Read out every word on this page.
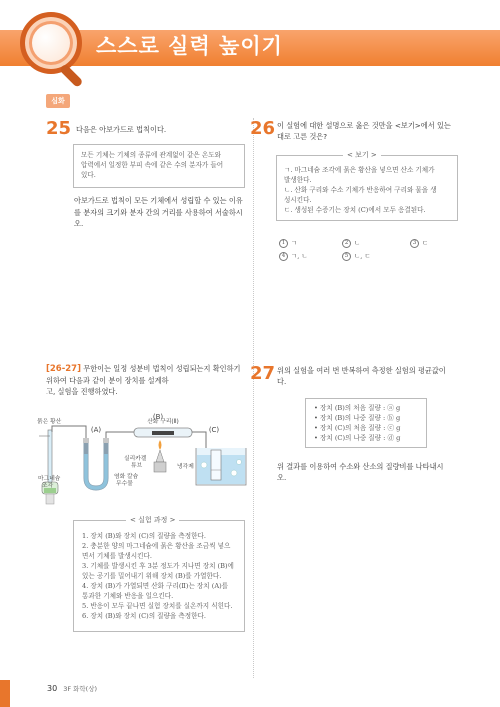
스스로 실력 높이기
심화
25 다음은 아보가드로 법칙이다.
모든 기체는 기체의 종류에 관계없이 같은 온도와
압력에서 일정한 부피 속에 같은 수의 분자가 들어
있다.
아보가드로 법칙이 모든 기체에서 성립할 수 있는 이유
를 분자의 크기와 분자 간의 거리를 사용하여 서술하시
오.
26 이 실험에 대한 설명으로 옳은 것만을 <보기>에서 있는
대로 고른 것은?
ㄱ. 마그네슘 조각에 묽은 황산을 넣으면 산소 기체가
발생한다.
ㄴ. 산화 구리와 수소 기체가 반응하여 구리와 물을 생
성시킨다.
ㄷ. 생성된 수증기는 장치 (C)에서 모두 응결된다.
< 보기 >
1 ㄱ	2 ㄴ	3 ㄷ
4 ㄱ, ㄴ	5 ㄴ, ㄷ
[26-27] 무한이는 일정 성분비 법칙이 성립되는지 확인하기
위하여 다음과 같이 분이 장치를 설계하
고, 실험을 진행하였다.
(B)
(A)	(C)
묽은 황산	산화 구리(Ⅱ)
마그네슘
조각
실리카겔
튜브
염화 칼슘
무수물
냉각제
1. 장치 (B)와 장치 (C)의 질량을 측정한다.
2. 충분한 양의 마그네슘에 묽은 황산을 조금씩 넣으
면서 기체를 발생시킨다.
3. 기체를 발생시킨 후 3분 정도가 지나면 장치 (B)에
있는 공기를 밀어내기 위해 장치 (B)를 가열한다.
4. 장치 (B)가 가열되면 산화 구리(Ⅱ)는 장치 (A)를
통과한 기체와 반응을 일으킨다.
5. 반응이 모두 끝나면 실험 장치를 실온까지 식힌다.
6. 장치 (B)와 장치 (C)의 질량을 측정한다.
< 실험 과정 >
27 위의 실험을 여러 번 반복하여 측정한 실험의 평균값이
다.
• 장치 (B)의 처음 질량 : ⓐ g
• 장치 (B)의 나중 질량 : ⓑ g
• 장치 (C)의 처음 질량 : ⓒ g
• 장치 (C)의 나중 질량 : ⓓ g
위 결과를 이용하여 수소와 산소의 질량비를 나타내시
오.
30 3F 화학(상)
